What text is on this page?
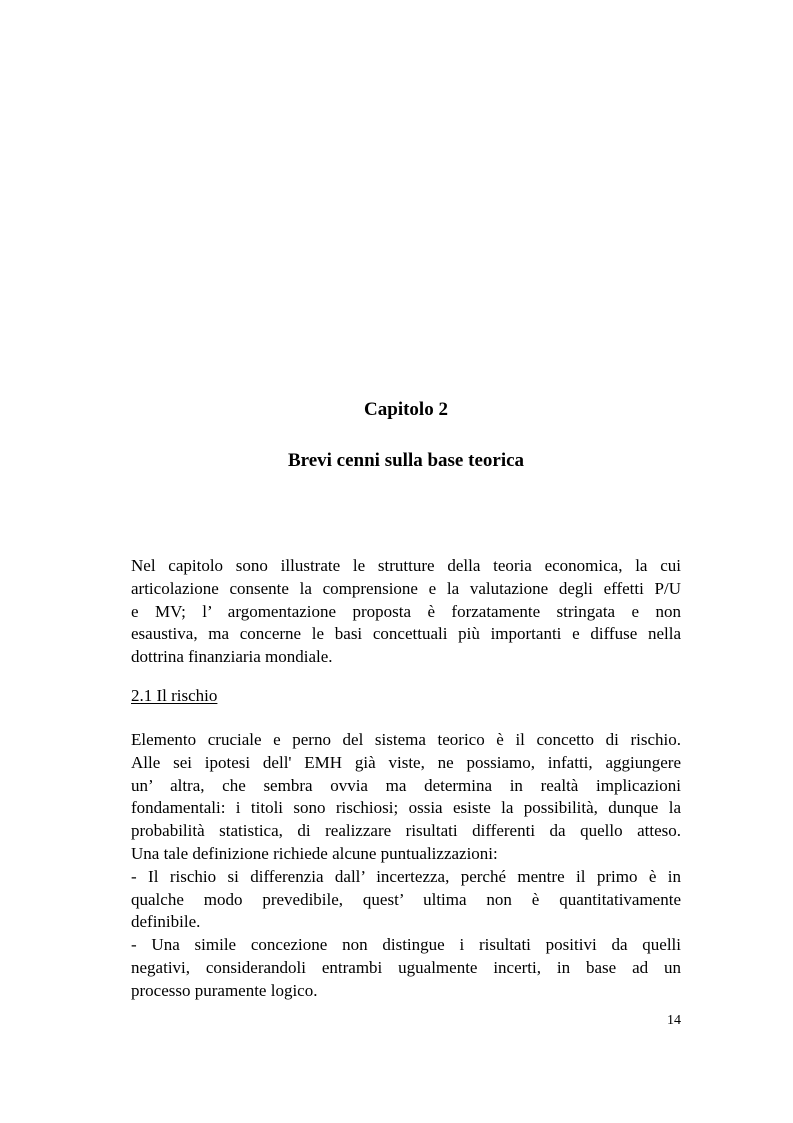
Capitolo 2
Brevi cenni sulla base teorica
Nel capitolo sono illustrate le strutture della teoria economica, la cui
articolazione consente la comprensione e la valutazione degli effetti P/U
e MV; l’ argomentazione proposta è forzatamente stringata e non
esaustiva, ma concerne le basi concettuali più importanti e diffuse nella
dottrina finanziaria mondiale.
2.1 Il rischio
Elemento cruciale e perno del sistema teorico è il concetto di rischio.
Alle sei ipotesi dell' EMH già viste, ne possiamo, infatti, aggiungere
un’ altra, che sembra ovvia ma determina in realtà implicazioni
fondamentali: i titoli sono rischiosi; ossia esiste la possibilità, dunque la
probabilità statistica, di realizzare risultati differenti da quello atteso.
Una tale definizione richiede alcune puntualizzazioni:
- Il rischio si differenzia dall’ incertezza, perché mentre il primo è in
qualche modo prevedibile, quest’ ultima non è quantitativamente
definibile.
- Una simile concezione non distingue i risultati positivi da quelli
negativi, considerandoli entrambi ugualmente incerti, in base ad un
processo puramente logico.
14
